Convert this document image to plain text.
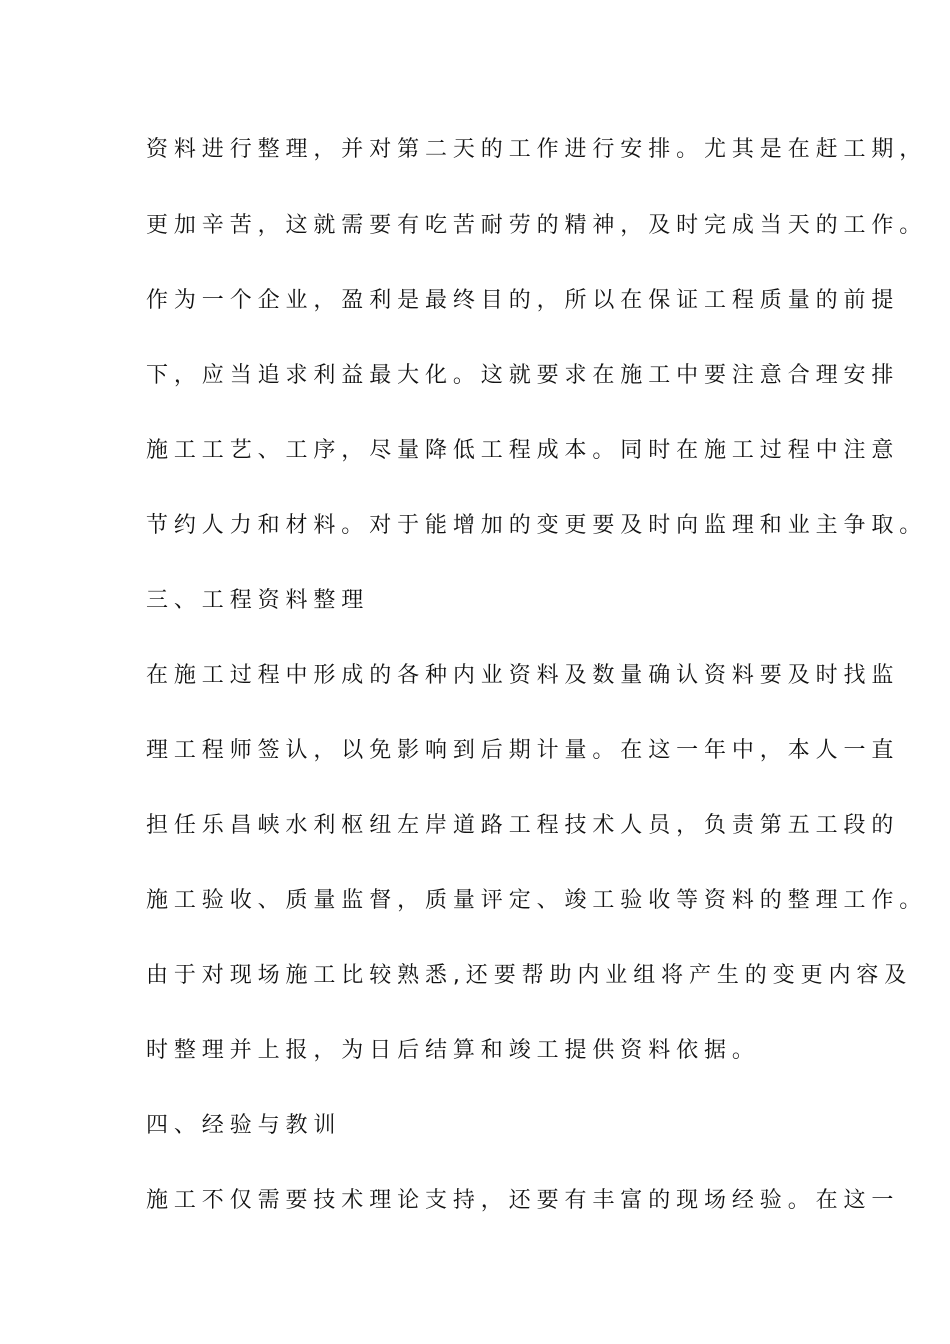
资料进行整理，并对第二天的工作进行安排。尤其是在赶工期，
更加辛苦，这就需要有吃苦耐劳的精神，及时完成当天的工作。
作为一个企业，盈利是最终目的，所以在保证工程质量的前提
下，应当追求利益最大化。这就要求在施工中要注意合理安排
施工工艺、工序，尽量降低工程成本。同时在施工过程中注意
节约人力和材料。对于能增加的变更要及时向监理和业主争取。
三、工程资料整理
在施工过程中形成的各种内业资料及数量确认资料要及时找监
理工程师签认，以免影响到后期计量。在这一年中，本人一直
担任乐昌峡水利枢纽左岸道路工程技术人员，负责第五工段的
施工验收、质量监督，质量评定、竣工验收等资料的整理工作。
由于对现场施工比较熟悉,还要帮助内业组将产生的变更内容及
时整理并上报，为日后结算和竣工提供资料依据。
四、经验与教训
施工不仅需要技术理论支持，还要有丰富的现场经验。在这一
